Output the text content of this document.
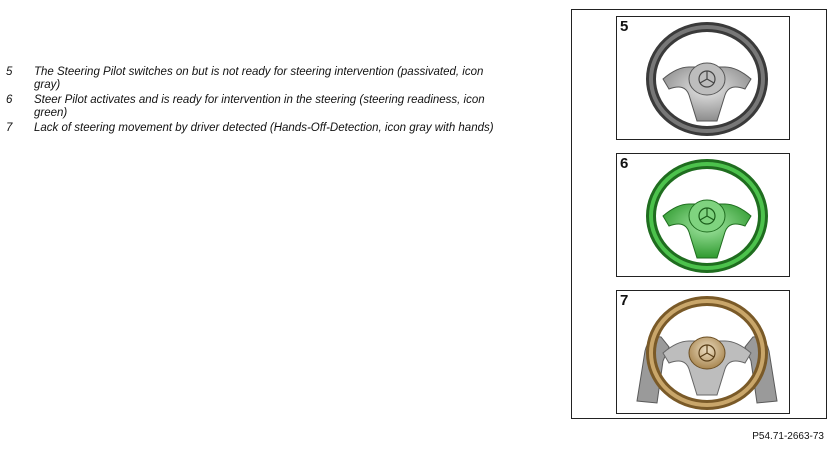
5	The Steering Pilot switches on but is not ready for steering intervention (passivated, icon gray)
6	Steer Pilot activates and is ready for intervention in the steering (steering readiness, icon green)
7	Lack of steering movement by driver detected (Hands-Off-Detection, icon gray with hands)
5
6
7
P54.71-2663-73
